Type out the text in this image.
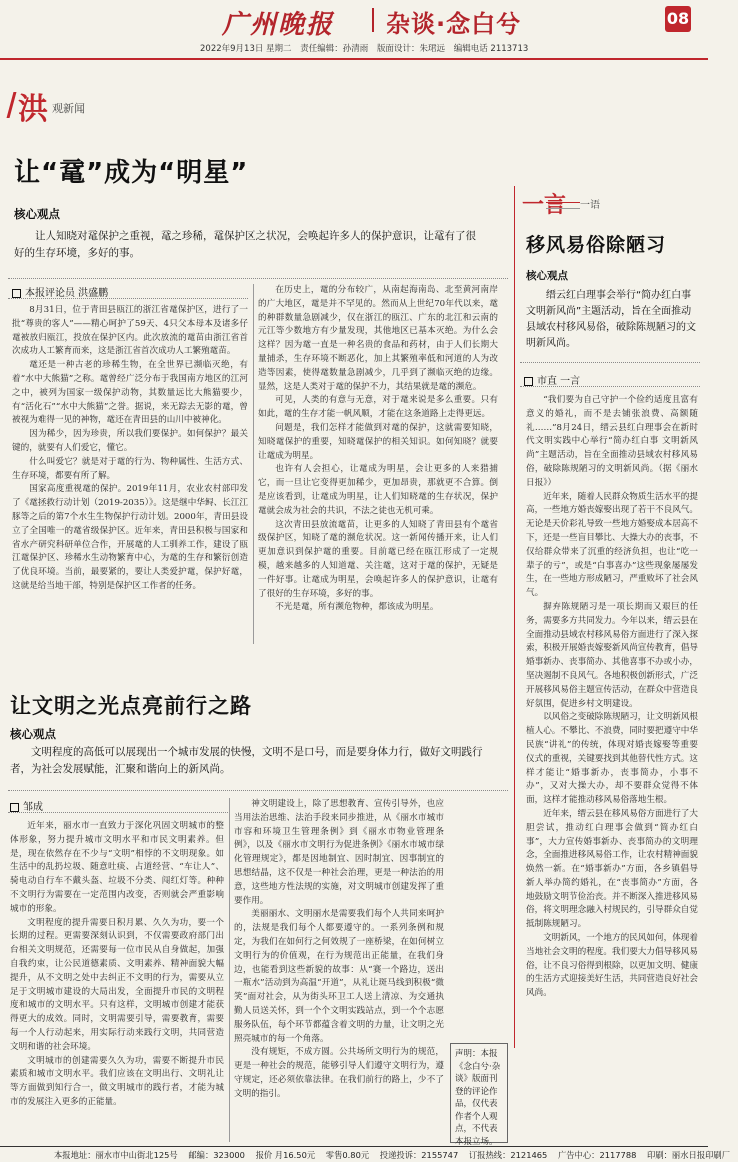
广州晚报 杂谈·念白兮	08
2022年9月13日 星期二 责任编辑：孙清雨 版面设计：朱珺远 编辑电话 2113713
洪 观新闻
让“鼋”成为“明星”
核心观点
让人知晓对鼋保护之重视，鼋之珍稀，鼋保护区之状况，会唤起许多人的保护意识，让鼋有了很好的生存环境，多好的事。
本报评论员 洪盛鹏

8月31日，位于青田县瓯江的浙江省鼋保护区，进行了一批“尊贵的客人”——精心呵护了59天、4只父本母本及诸多仔鼋被放归瓯江，投放在保护区内。此次放流的鼋苗由浙江省首次成功人工繁育而来，这是浙江省首次成功人工繁殖鼋苗。

鼋还是一种古老的珍稀生物，在全世界已濒临灭绝，有着“水中大熊猫”之称。鼋曾经广泛分布于我国南方地区的江河之中，被列为国家一级保护动物，其数量远比大熊猫要少，有“活化石”“水中大熊猫”之誉。据说，来无踪去无影的鼋，曾被视为难得一见的神物，鼋还在青田县的山川中被神化。

因为稀少，因为珍贵，所以我们要保护。如何保护？最关键的，就要有人们爱它，懂它。

什么叫爱它？就是对于鼋的行为、物种属性、生活方式、生存环境，都要有所了解。

国家高度重视鼋的保护。2019年11月，农业农村部印发了《鼋拯救行动计划（2019-2035）》。这是继中华鲟、长江江豚等之后的第7个水生生物保护行动计划。2000年，青田县设立了全国唯一的鼋省级保护区。近年来，青田县积极与国家和省水产研究科研单位合作，开展鼋的人工驯养工作，建设了瓯江鼋保护区、珍稀水生动物繁育中心，为鼋的生存和繁衍创造了优良环境。当前，最要紧的，要让人类爱护鼋，保护好鼋，这就是给当地干部，特别是保护区工作者的任务。

在历史上，鼋的分布较广，从南起海南岛、北至黄河南岸的广大地区，鼋是并不罕见的。然而从上世纪70年代以来，鼋的种群数量急剧减少，仅在浙江的瓯江、广东的北江和云南的元江等少数地方有少量发现，其他地区已基本灭绝。为什么会这样？因为鼋一直是一种名贵的食品和药材，由于人们长期大量捕杀，生存环境不断恶化，加上其繁殖率低和河道的人为改造等因素，使得鼋数量急剧减少，几乎到了濒临灭绝的边缘。显然，这是人类对于鼋的保护不力，其结果就是鼋的濒危。

可见，人类的有意与无意，对于鼋来说是多么重要。只有如此，鼋的生存才能一帆风顺，才能在这条道路上走得更远。

问题是，我们怎样才能做到对鼋的保护，这就需要知晓，知晓鼋保护的重要，知晓鼋保护的相关知识。如何知晓？就要让鼋成为明星。

也许有人会担心，让鼋成为明星，会让更多的人来猎捕它，而一旦让它变得更加稀少，更加昂贵，那就更不合算。倒是应该看到，让鼋成为明星，让人们知晓鼋的生存状况，保护鼋就会成为社会的共识，不法之徒也无机可乘。

这次青田县放流鼋苗，让更多的人知晓了青田县有个鼋省级保护区，知晓了鼋的濒危状况。这一新闻传播开来，让人们更加意识到保护鼋的重要。目前鼋已经在瓯江形成了一定规模，越来越多的人知道鼋、关注鼋，这对于鼋的保护，无疑是一件好事。让鼋成为明星，会唤起许多人的保护意识，让鼋有了很好的生存环境，多好的事。

不光是鼋，所有濒危物种，都该成为明星。

让文明之光点亮前行之路
核心观点
文明程度的高低可以展现出一个城市发展的快慢，文明不是口号，而是要身体力行，做好文明践行者，为社会发展赋能，汇聚和谐向上的新风尚。
邹成

近年来，丽水市一直致力于深化巩固文明城市的整体形象，努力提升城市文明水平和市民文明素养。但是，现在依然存在不少与“文明”相悖的不文明现象。如生活中的乱扔垃圾、随意吐痰、占道经营、“车让人”、骑电动自行车不戴头盔、垃圾不分类、闯红灯等。种种不文明行为需要在一定范围内改变，否则就会严重影响城市的形象。

文明程度的提升需要日积月累、久久为功，要一个长期的过程。更需要深刻认识到，不仅需要政府部门出台相关文明规范，还需要每一位市民从自身做起，加强自我约束，让公民道德素质、文明素养、精神面貌大幅提升，从不文明之处中去纠正不文明的行为，需要从立足于文明城市建设的大局出发，全面提升市民的文明程度和城市的文明水平。只有这样，文明城市创建才能获得更大的成效。同时，文明需要引导，需要教育，需要每一个人行动起来，用实际行动来践行文明，共同营造文明和谐的社会环境。

文明城市的创建需要久久为功，需要不断提升市民素质和城市文明水平。我们应该在文明出行、文明礼让等方面做到知行合一，做文明城市的践行者，才能为城市的发展注入更多的正能量。

神文明建设上，除了思想教育、宣传引导外，也应当用法治思维、法治手段来同步推进，从《丽水市城市市容和环境卫生管理条例》到《丽水市物业管理条例》，以及《丽水市文明行为促进条例》《丽水市城市绿化管理规定》，都是因地制宜、因时制宜、因事制宜的思想结晶，这不仅是一种社会治理，更是一种法治的用意，这些地方性法规的实施，对文明城市创建发挥了重要作用。

美丽丽水、文明丽水是需要我们每个人共同来呵护的，法规是我们每个人都要遵守的。一系列条例和规定，为我们在如何行之何效规了一座桥梁，在如何树立文明行为的价值观，在行为规范出正能量，在我们身边，也能看到这些新貌的故事：从“赛一个路边，送出一瓶水”活动到为高温“开道”，从礼让斑马线到积极“微笑”面对社会，从为街头环卫工人送上清凉、为交通执勤人员送关怀，到一个个文明实践站点，到一个个志愿服务队伍，每个环节都蕴含着文明的力量，让文明之光照亮城市的每一个角落。

没有规矩，不成方圆。公共场所文明行为的规范，更是一种社会的规范，能够引导人们遵守文明行为，遵守规定，还必须依靠法律。在我们前行的路上，少不了文明的指引。

声明：本报《念白兮·杂谈》版面刊登的评论作品，仅代表作者个人观点，不代表本报立场。
一言 一语
移风易俗除陋习
核心观点
缙云红白理事会举行“简办红白事文明新风尚”主题活动，旨在全面推动县域农村移风易俗，破除陈规陋习的文明新风尚。
市直 一言

“我们要为自己守护一个俭约适度且富有意义的婚礼，而不是去铺张浪费、高额随礼……”8月24日，缙云县红白理事会在新时代文明实践中心举行“简办红白事 文明新风尚”主题活动，旨在全面推动县域农村移风易俗，破除陈规陋习的文明新风尚。（据《丽水日报》）

近年来，随着人民群众物质生活水平的提高，一些地方婚丧嫁娶出现了若干不良风气。无论是天价彩礼导致一些地方婚娶成本居高不下，还是一些盲目攀比、大操大办的丧事，不仅给群众带来了沉重的经济负担，也让“吃一辈子的亏”，或是“白事喜办”这些现象屡屡发生，在一些地方形成陋习，严重败坏了社会风气。

摒弃陈规陋习是一项长期而又艰巨的任务，需要多方共同发力。今年以来，缙云县在全面推动县域农村移风易俗方面进行了深入探索，积极开展婚丧嫁娶新风尚宣传教育，倡导婚事新办、丧事简办、其他喜事不办或小办，坚决遏制不良风气。各地积极创新形式，广泛开展移风易俗主题宣传活动，在群众中营造良好氛围，促进乡村文明建设。

以风俗之变破除陈规陋习，让文明新风根植人心。不攀比、不浪费，同时要把遵守中华民族“讲礼”的传统，体现对婚丧嫁娶等重要仪式的重视，关键要找到其他替代性方式。这样才能让“婚事新办，丧事简办，小事不办”，又对大操大办，却不要群众觉得不体面，这样才能推动移风易俗落地生根。

近年来，缙云县在移风易俗方面进行了大胆尝试，推动红白理事会做到“简办红白事”，大力宣传婚事新办、丧事简办的文明理念，全面推进移风易俗工作，让农村精神面貌焕然一新。在“婚事新办”方面，各乡镇倡导新人举办简约婚礼，在“丧事简办”方面，各地鼓励文明节俭治丧。并不断深入推进移风易俗，将文明理念融入村规民约，引导群众自觉抵制陈规陋习。

文明新风，一个地方的民风如何，体现着当地社会文明的程度。我们要大力倡导移风易俗，让不良习俗得到根除，以更加文明、健康的生活方式迎接美好生活，共同营造良好社会风尚。

本报地址：丽水市中山街北125号 邮编：323000 报价 月16.50元 零售0.80元 投递投诉：2155747 订报热线：2121465 广告中心：2117788 印刷：丽水日报印刷厂
